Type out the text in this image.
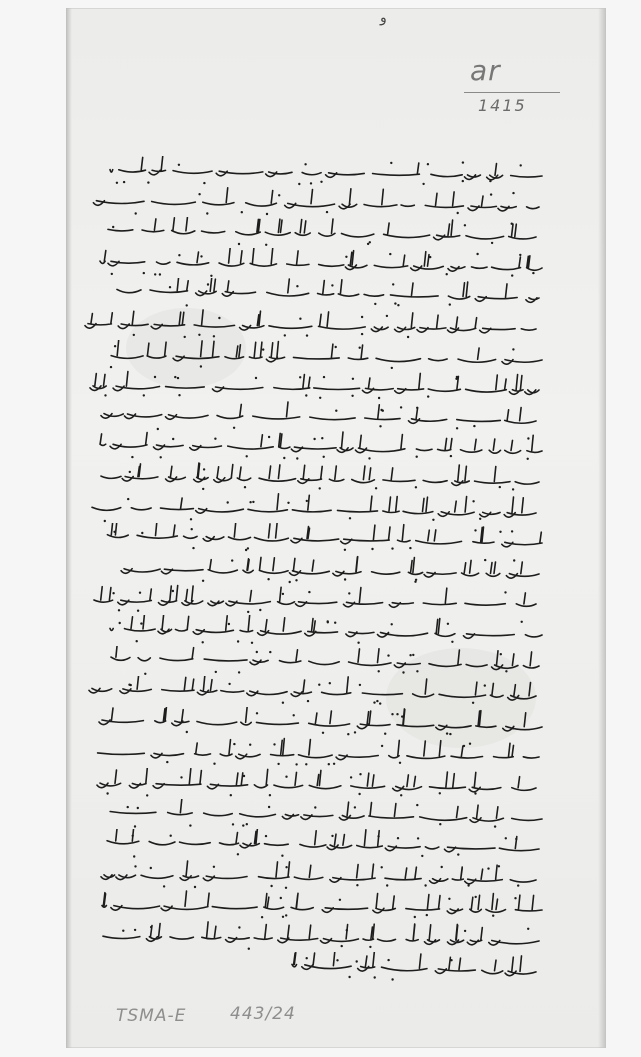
و
ar
1415
TSMA-E	443/24
